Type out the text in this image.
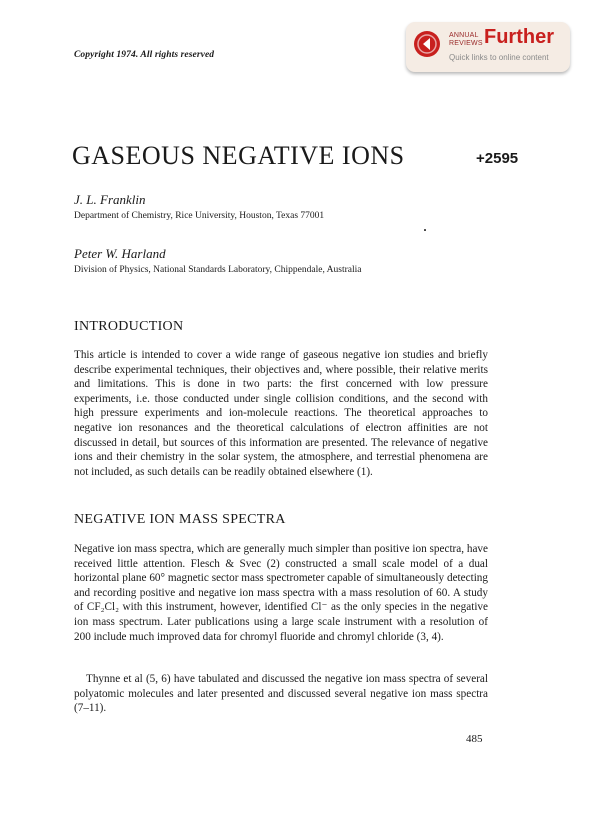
Copyright 1974. All rights reserved
ANNUAL
REVIEWS Further
Quick links to online content
GASEOUS NEGATIVE IONS	+2595
J. L. Franklin
Department of Chemistry, Rice University, Houston, Texas 77001
Peter W. Harland
Division of Physics, National Standards Laboratory, Chippendale, Australia
INTRODUCTION
This article is intended to cover a wide range of gaseous negative ion studies and briefly describe experimental techniques, their objectives and, where possible, their relative merits and limitations. This is done in two parts: the first concerned with low pressure experiments, i.e. those conducted under single collision conditions, and the second with high pressure experiments and ion-molecule reactions. The theoretical approaches to negative ion resonances and the theoretical calculations of electron affinities are not discussed in detail, but sources of this information are presented. The relevance of negative ions and their chemistry in the solar system, the atmosphere, and terrestial phenomena are not included, as such details can be readily obtained elsewhere (1).
NEGATIVE ION MASS SPECTRA
Negative ion mass spectra, which are generally much simpler than positive ion spectra, have received little attention. Flesch & Svec (2) constructed a small scale model of a dual horizontal plane 60° magnetic sector mass spectrometer capable of simultaneously detecting and recording positive and negative ion mass spectra with a mass resolution of 60. A study of CF₂Cl₂ with this instrument, however, identified Cl⁻ as the only species in the negative ion mass spectrum. Later publications using a large scale instrument with a resolution of 200 include much improved data for chromyl fluoride and chromyl chloride (3, 4).
Thynne et al (5, 6) have tabulated and discussed the negative ion mass spectra of several polyatomic molecules and later presented and discussed several negative ion mass spectra (7–11).
485
